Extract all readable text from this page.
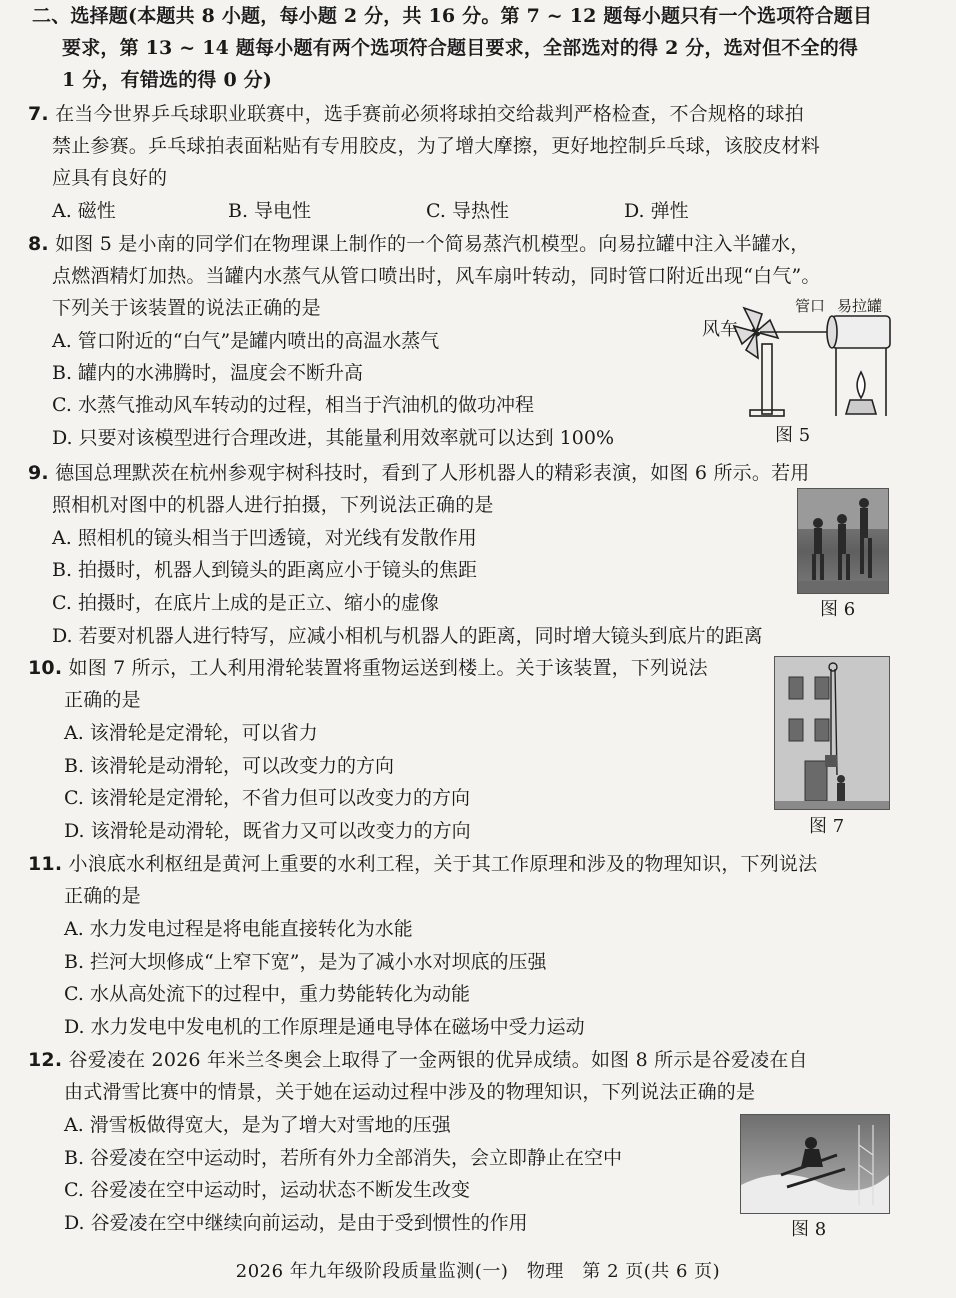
二、选择题(本题共 8 小题，每小题 2 分，共 16 分。第 7 ~ 12 题每小题只有一个选项符合题目
要求，第 13 ~ 14 题每小题有两个选项符合题目要求，全部选对的得 2 分，选对但不全的得
1 分，有错选的得 0 分)
7. 在当今世界乒乓球职业联赛中，选手赛前必须将球拍交给裁判严格检查，不合规格的球拍
禁止参赛。乒乓球拍表面粘贴有专用胶皮，为了增大摩擦，更好地控制乒乓球，该胶皮材料
应具有良好的
A. 磁性	B. 导电性	C. 导热性	D. 弹性
8. 如图 5 是小南的同学们在物理课上制作的一个简易蒸汽机模型。向易拉罐中注入半罐水，
点燃酒精灯加热。当罐内水蒸气从管口喷出时，风车扇叶转动，同时管口附近出现“白气”。
下列关于该装置的说法正确的是
A. 管口附近的“白气”是罐内喷出的高温水蒸气
B. 罐内的水沸腾时，温度会不断升高
C. 水蒸气推动风车转动的过程，相当于汽油机的做功冲程
D. 只要对该模型进行合理改进，其能量利用效率就可以达到 100%
风车
管口 易拉罐
图 5
9. 德国总理默茨在杭州参观宇树科技时，看到了人形机器人的精彩表演，如图 6 所示。若用
照相机对图中的机器人进行拍摄，下列说法正确的是
A. 照相机的镜头相当于凹透镜，对光线有发散作用
B. 拍摄时，机器人到镜头的距离应小于镜头的焦距
C. 拍摄时，在底片上成的是正立、缩小的虚像
D. 若要对机器人进行特写，应减小相机与机器人的距离，同时增大镜头到底片的距离
图 6
10. 如图 7 所示，工人利用滑轮装置将重物运送到楼上。关于该装置，下列说法
正确的是
A. 该滑轮是定滑轮，可以省力
B. 该滑轮是动滑轮，可以改变力的方向
C. 该滑轮是定滑轮，不省力但可以改变力的方向
D. 该滑轮是动滑轮，既省力又可以改变力的方向	图 7
11. 小浪底水利枢纽是黄河上重要的水利工程，关于其工作原理和涉及的物理知识，下列说法
正确的是
A. 水力发电过程是将电能直接转化为水能
B. 拦河大坝修成“上窄下宽”，是为了减小水对坝底的压强
C. 水从高处流下的过程中，重力势能转化为动能
D. 水力发电中发电机的工作原理是通电导体在磁场中受力运动
12. 谷爱凌在 2026 年米兰冬奥会上取得了一金两银的优异成绩。如图 8 所示是谷爱凌在自
由式滑雪比赛中的情景，关于她在运动过程中涉及的物理知识，下列说法正确的是
A. 滑雪板做得宽大，是为了增大对雪地的压强
B. 谷爱凌在空中运动时，若所有外力全部消失，会立即静止在空中
C. 谷爱凌在空中运动时，运动状态不断发生改变
D. 谷爱凌在空中继续向前运动，是由于受到惯性的作用	图 8
2026 年九年级阶段质量监测(一)　物理　第 2 页(共 6 页)
